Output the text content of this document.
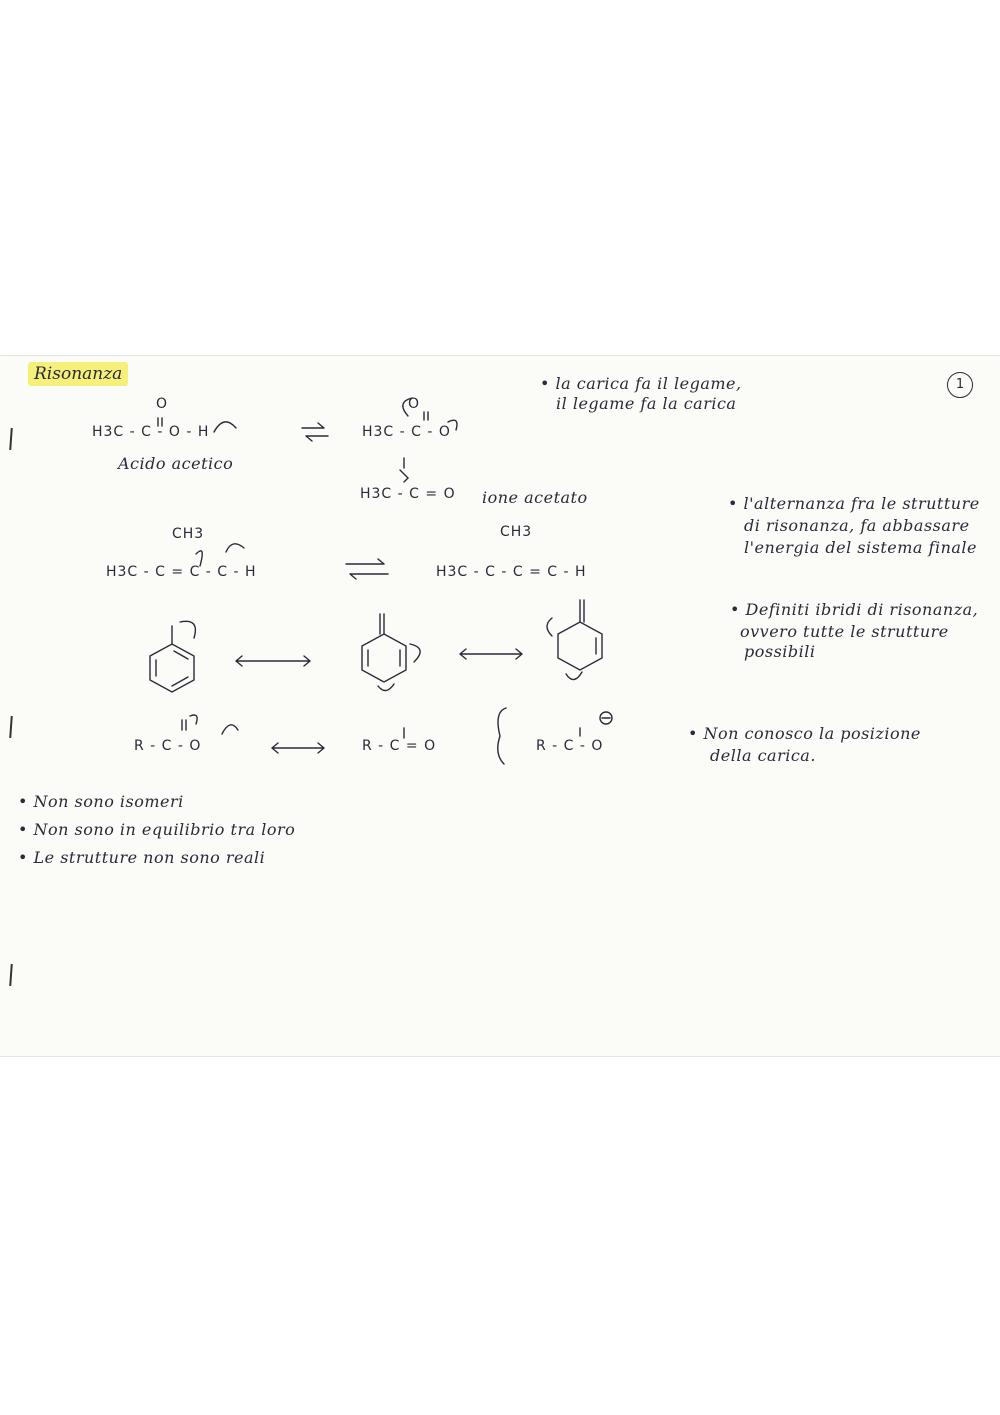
Risonanza
1
O
H3C - C - O - H
Acido acetico
O
H3C - C - O
H3C - C = O ione acetato
CH3
H3C - C = C - C - H
CH3
H3C - C - C = C - H
R - C - O	R - C = O	R - C - O
• la carica fa il legame,
il legame fa la carica
• l'alternanza fra le strutture
di risonanza, fa abbassare
l'energia del sistema finale
• Definiti ibridi di risonanza,
ovvero tutte le strutture
possibili
• Non conosco la posizione
della carica.
• Non sono isomeri
• Non sono in equilibrio tra loro
• Le strutture non sono reali
